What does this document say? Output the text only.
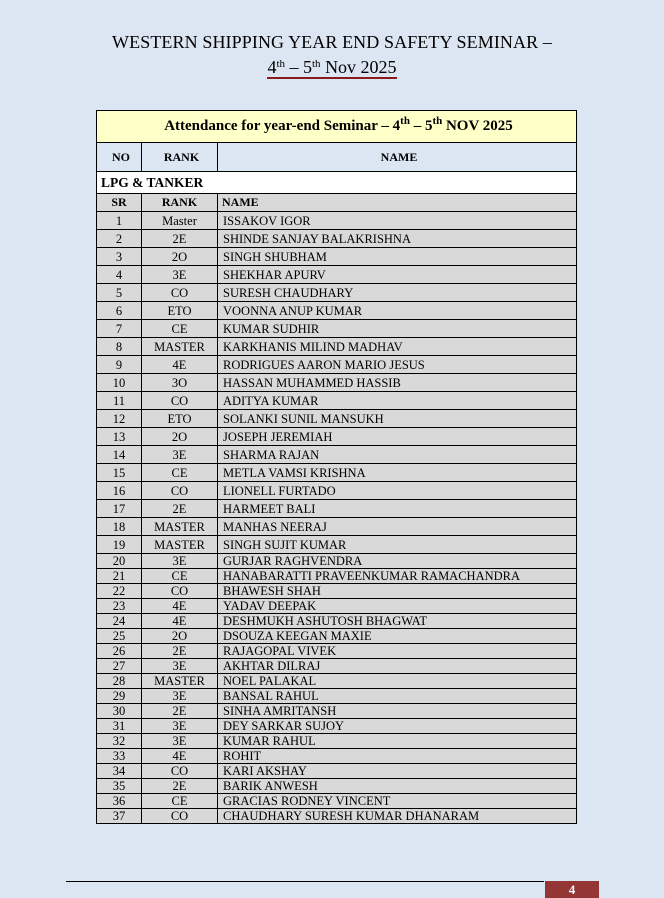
WESTERN SHIPPING YEAR END SAFETY SEMINAR –
4th – 5th Nov 2025
Attendance for year-end Seminar – 4th – 5th NOV 2025		
NO	RANK	NAME
LPG & TANKER		
SR	RANK	NAME
1	Master	ISSAKOV IGOR
2	2E	SHINDE SANJAY BALAKRISHNA
3	2O	SINGH SHUBHAM
4	3E	SHEKHAR APURV
5	CO	SURESH CHAUDHARY
6	ETO	VOONNA ANUP KUMAR
7	CE	KUMAR SUDHIR
8	MASTER	KARKHANIS MILIND MADHAV
9	4E	RODRIGUES AARON MARIO JESUS
10	3O	HASSAN MUHAMMED HASSIB
11	CO	ADITYA KUMAR
12	ETO	SOLANKI SUNIL MANSUKH
13	2O	JOSEPH JEREMIAH
14	3E	SHARMA RAJAN
15	CE	METLA VAMSI KRISHNA
16	CO	LIONELL FURTADO
17	2E	HARMEET BALI
18	MASTER	MANHAS NEERAJ
19	MASTER	SINGH SUJIT KUMAR
20	3E	GURJAR RAGHVENDRA
21	CE	HANABARATTI PRAVEENKUMAR RAMACHANDRA
22	CO	BHAWESH SHAH
23	4E	YADAV DEEPAK
24	4E	DESHMUKH ASHUTOSH BHAGWAT
25	2O	DSOUZA KEEGAN MAXIE
26	2E	RAJAGOPAL VIVEK
27	3E	AKHTAR DILRAJ
28	MASTER	NOEL PALAKAL
29	3E	BANSAL RAHUL
30	2E	SINHA AMRITANSH
31	3E	DEY SARKAR SUJOY
32	3E	KUMAR RAHUL
33	4E	ROHIT
34	CO	KARI AKSHAY
35	2E	BARIK ANWESH
36	CE	GRACIAS RODNEY VINCENT
37	CO	CHAUDHARY SURESH KUMAR DHANARAM
4
